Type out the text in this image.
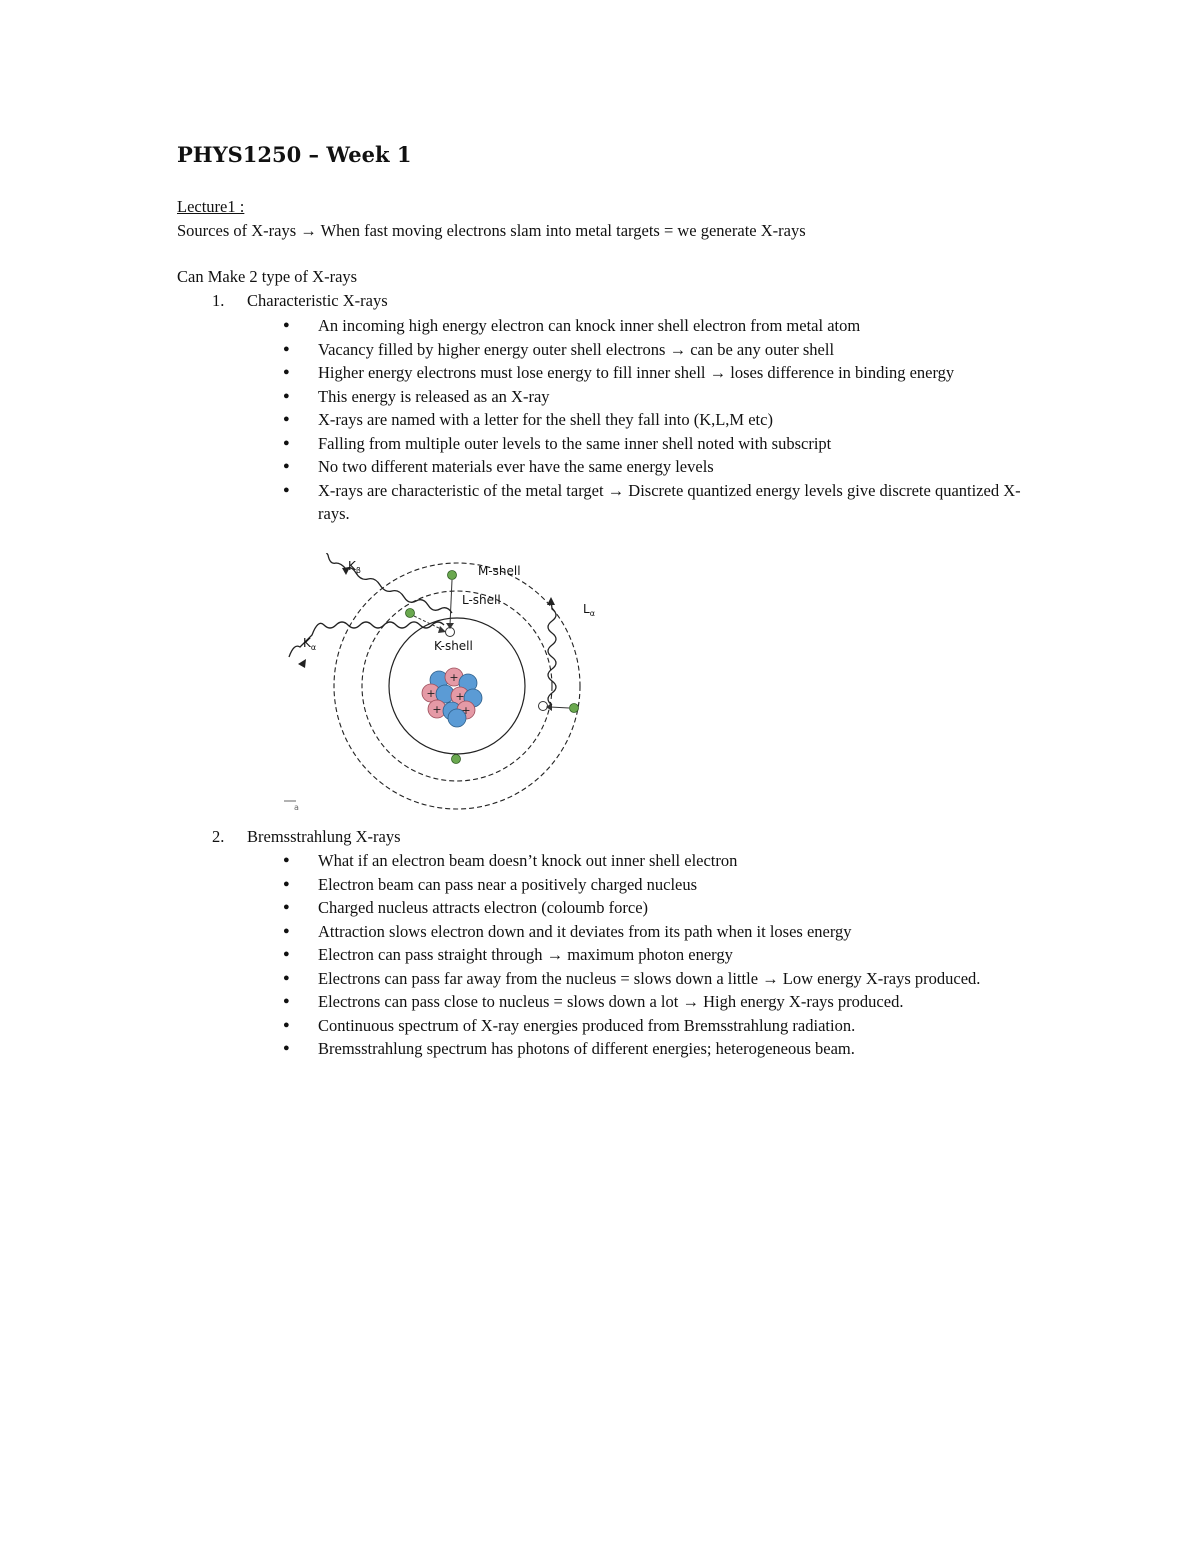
PHYS1250 – Week 1
Lecture1 :
Sources of X-rays → When fast moving electrons slam into metal targets = we generate X-rays
Can Make 2 type of X-rays
1. Characteristic X-rays
● An incoming high energy electron can knock inner shell electron from metal atom
● Vacancy filled by higher energy outer shell electrons → can be any outer shell
● Higher energy electrons must lose energy to fill inner shell → loses difference in binding energy
● This energy is released as an X-ray
● X-rays are named with a letter for the shell they fall into (K,L,M etc)
● Falling from multiple outer levels to the same inner shell noted with subscript
● No two different materials ever have the same energy levels
● X-rays are characteristic of the metal target → Discrete quantized energy levels give discrete quantized X-rays.
+ +
+ +
+
M-shell
L-shell
K-shell
$K_\beta$
$K_\alpha$
$L_\alpha$
a
2. Bremsstrahlung X-rays
● What if an electron beam doesn’t knock out inner shell electron
● Electron beam can pass near a positively charged nucleus
● Charged nucleus attracts electron (coloumb force)
● Attraction slows electron down and it deviates from its path when it loses energy
● Electron can pass straight through → maximum photon energy
● Electrons can pass far away from the nucleus = slows down a little → Low energy X-rays produced.
● Electrons can pass close to nucleus = slows down a lot → High energy X-rays produced.
● Continuous spectrum of X-ray energies produced from Bremsstrahlung radiation.
● Bremsstrahlung spectrum has photons of different energies; heterogeneous beam.
